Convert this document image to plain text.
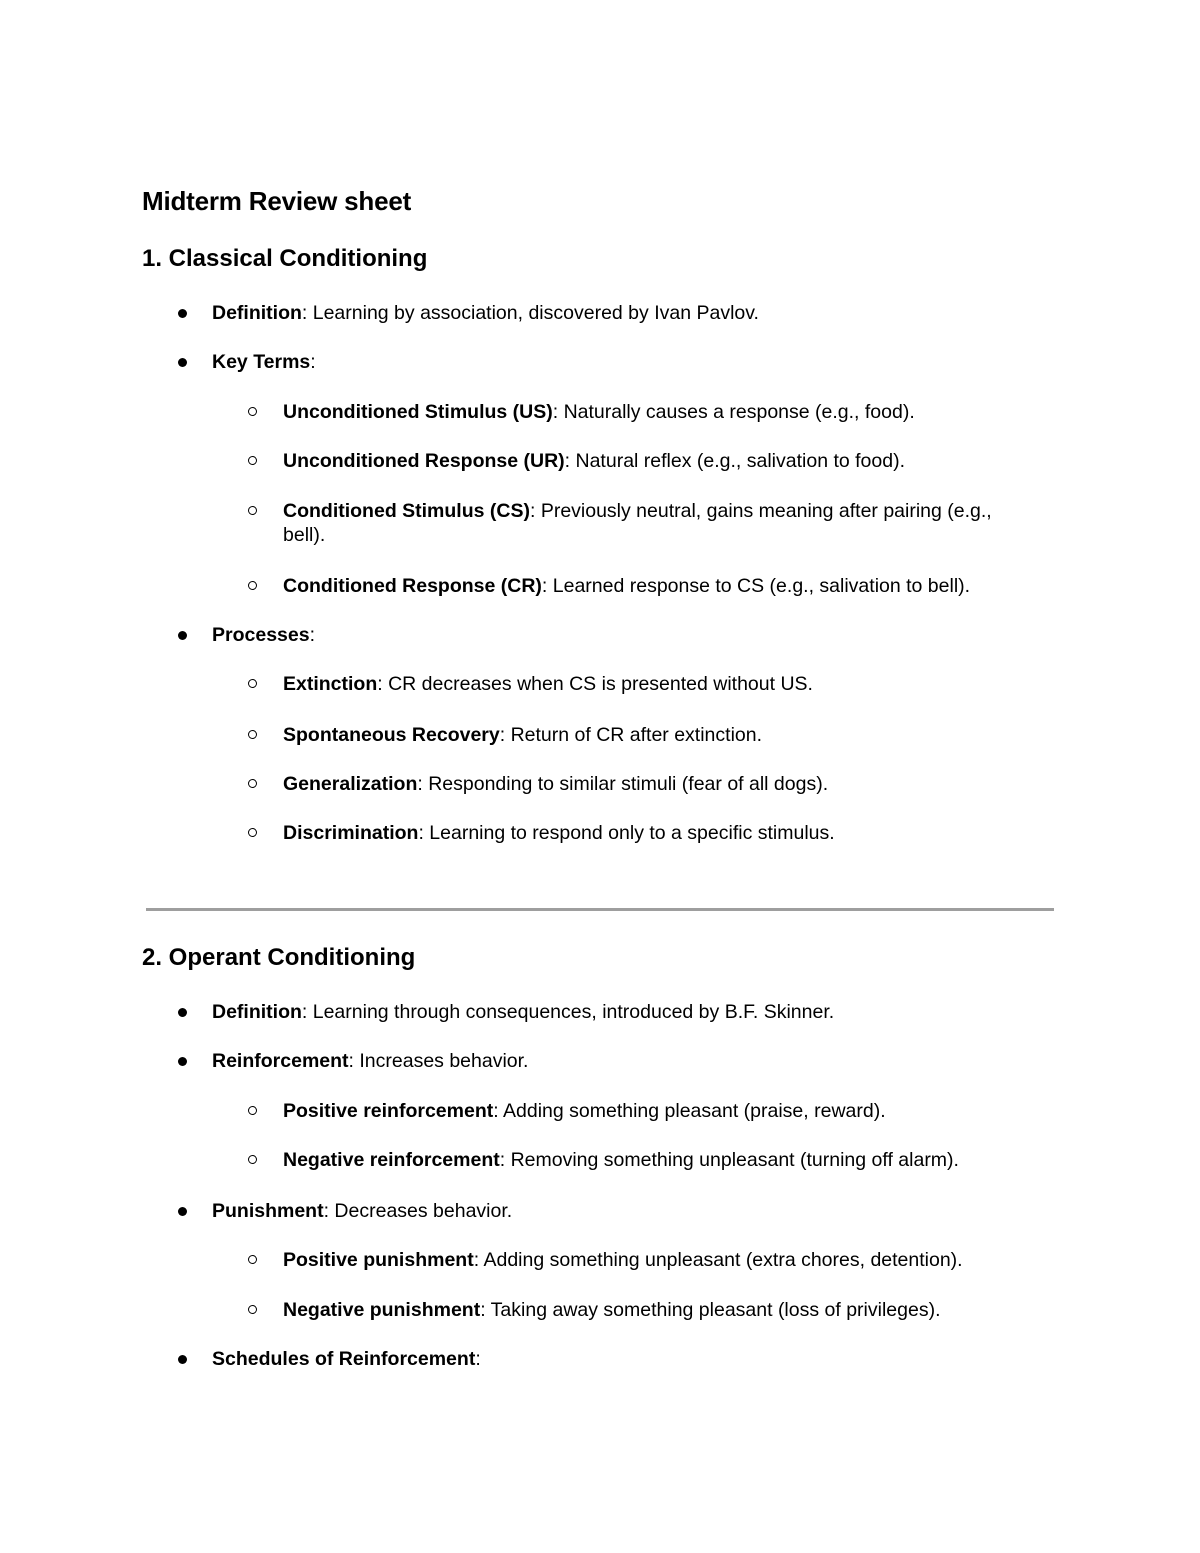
Midterm Review sheet
1. Classical Conditioning
Definition: Learning by association, discovered by Ivan Pavlov.
Key Terms:
Unconditioned Stimulus (US): Naturally causes a response (e.g., food).
Unconditioned Response (UR): Natural reflex (e.g., salivation to food).
Conditioned Stimulus (CS): Previously neutral, gains meaning after pairing (e.g., bell).
Conditioned Response (CR): Learned response to CS (e.g., salivation to bell).
Processes:
Extinction: CR decreases when CS is presented without US.
Spontaneous Recovery: Return of CR after extinction.
Generalization: Responding to similar stimuli (fear of all dogs).
Discrimination: Learning to respond only to a specific stimulus.
2. Operant Conditioning
Definition: Learning through consequences, introduced by B.F. Skinner.
Reinforcement: Increases behavior.
Positive reinforcement: Adding something pleasant (praise, reward).
Negative reinforcement: Removing something unpleasant (turning off alarm).
Punishment: Decreases behavior.
Positive punishment: Adding something unpleasant (extra chores, detention).
Negative punishment: Taking away something pleasant (loss of privileges).
Schedules of Reinforcement:
